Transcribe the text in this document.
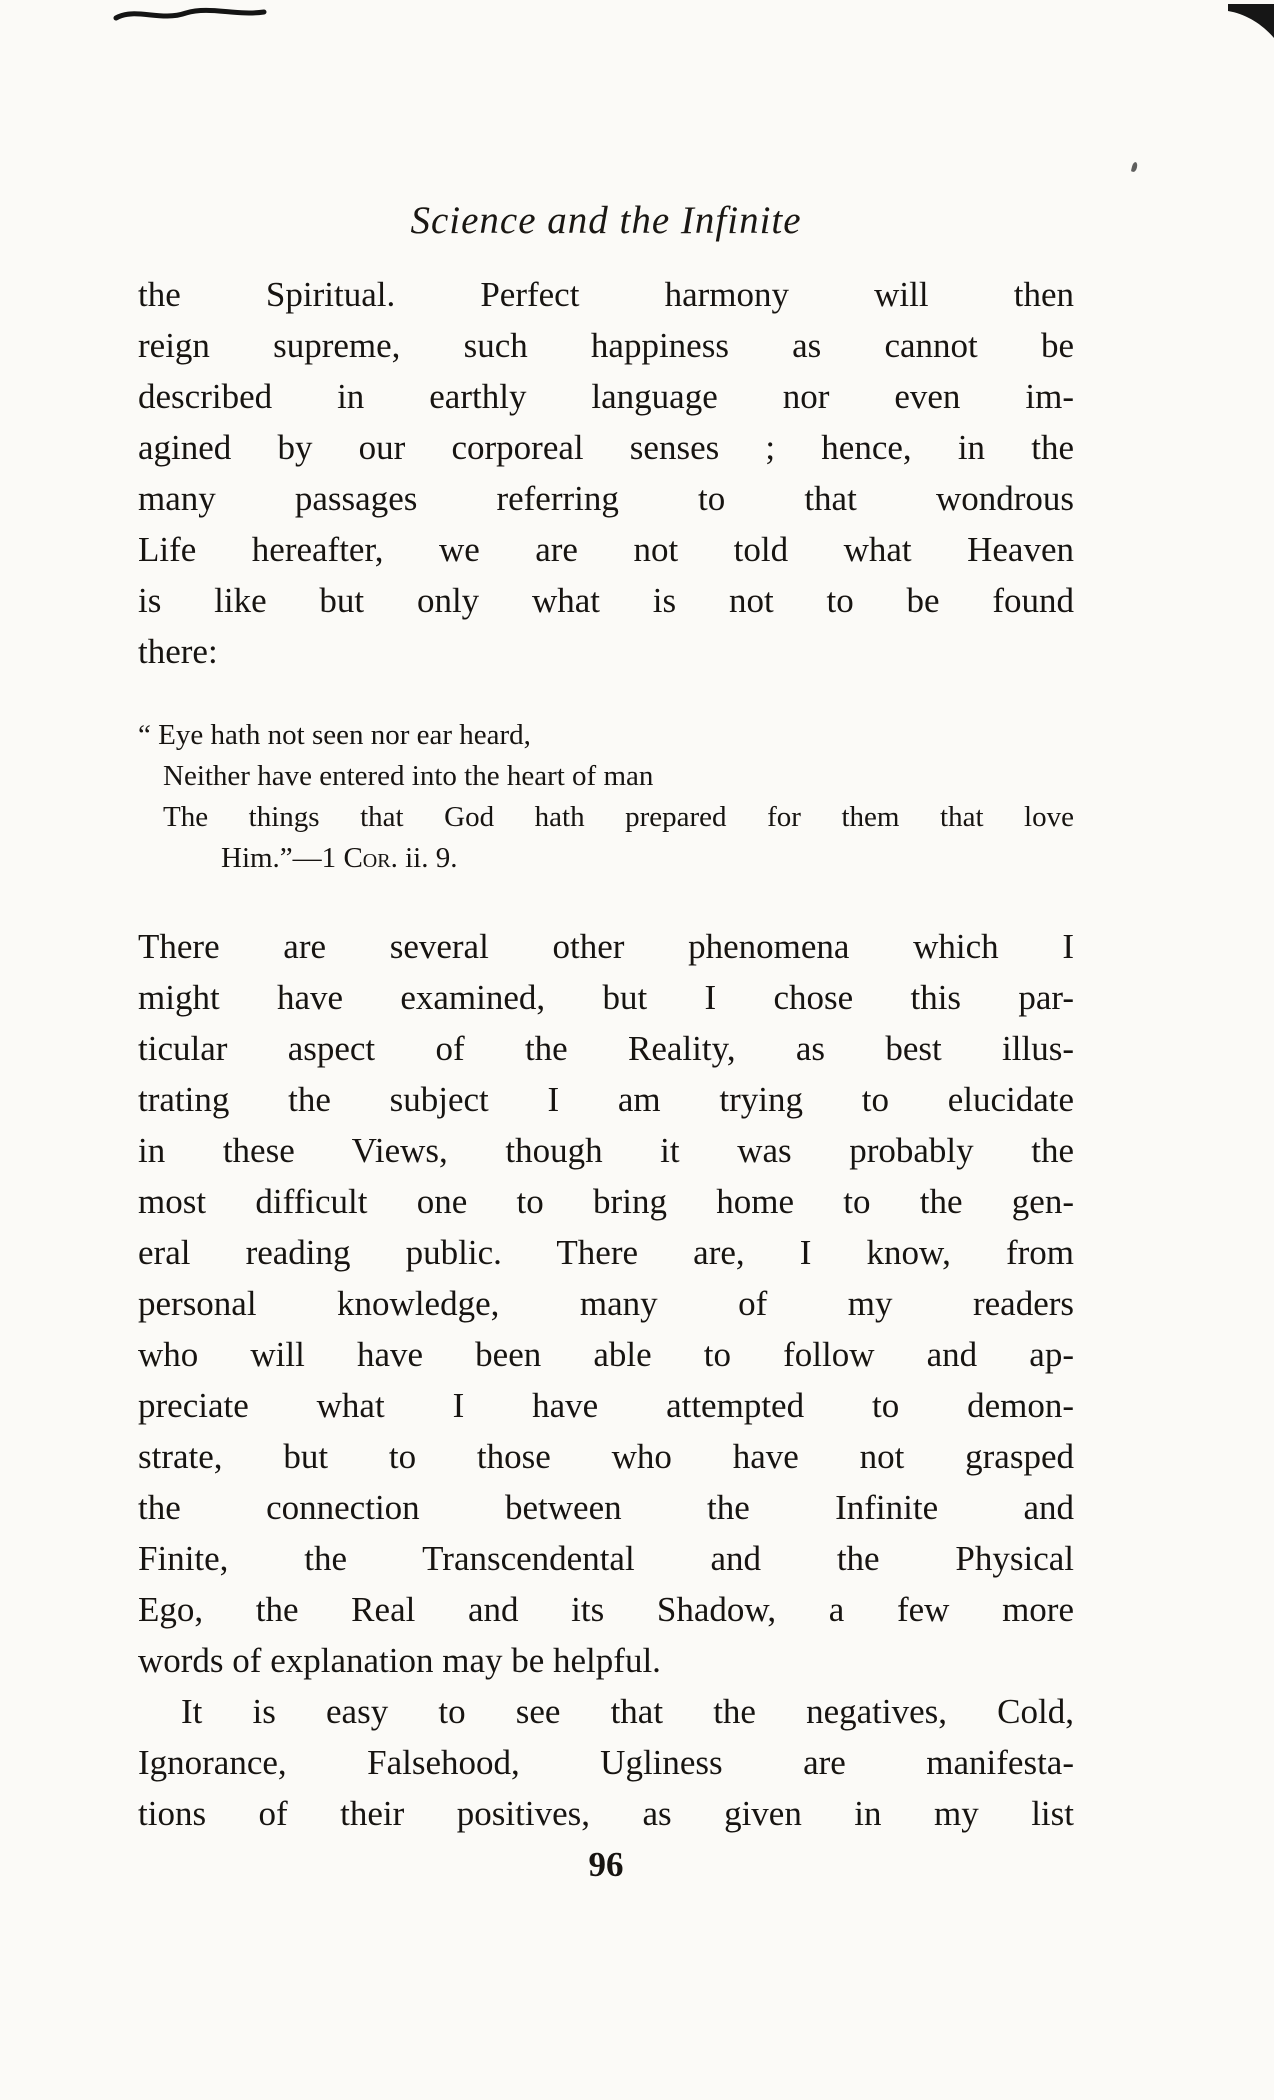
Science and the Infinite
the Spiritual. Perfect harmony will then
reign supreme, such happiness as cannot be
described in earthly language nor even im-
agined by our corporeal senses ; hence, in the
many passages referring to that wondrous
Life hereafter, we are not told what Heaven
is like but only what is not to be found
there:
“ Eye hath not seen nor ear heard,
Neither have entered into the heart of man
The things that God hath prepared for them that love
Him.”—1 Cor. ii. 9.
There are several other phenomena which I
might have examined, but I chose this par-
ticular aspect of the Reality, as best illus-
trating the subject I am trying to elucidate
in these Views, though it was probably the
most difficult one to bring home to the gen-
eral reading public. There are, I know, from
personal knowledge, many of my readers
who will have been able to follow and ap-
preciate what I have attempted to demon-
strate, but to those who have not grasped
the connection between the Infinite and
Finite, the Transcendental and the Physical
Ego, the Real and its Shadow, a few more
words of explanation may be helpful.
It is easy to see that the negatives, Cold,
Ignorance, Falsehood, Ugliness are manifesta-
tions of their positives, as given in my list
96
